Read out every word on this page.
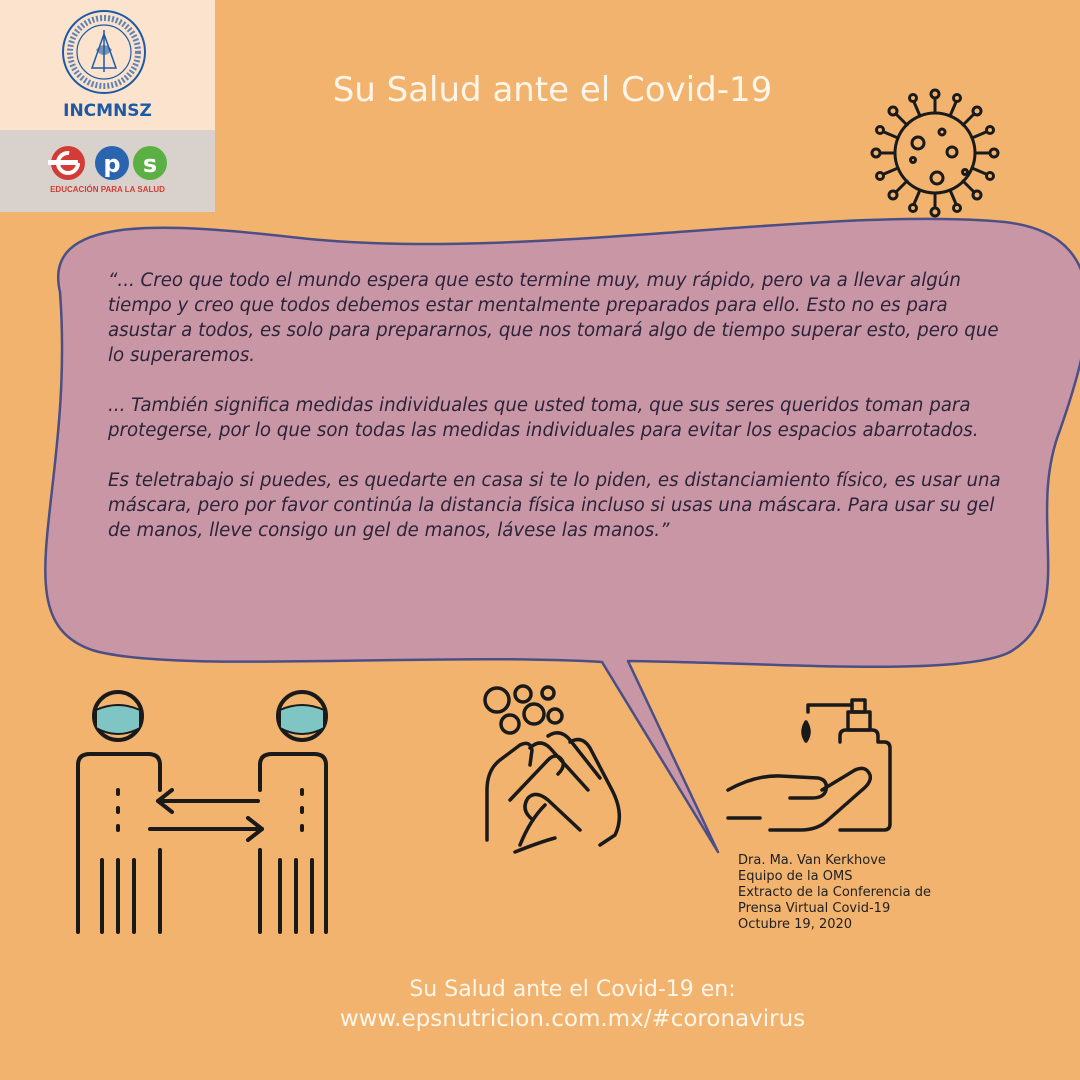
p s
INCMNSZ
EDUCACIÓN PARA LA SALUD
Su Salud ante el Covid-19

“... Creo que todo el mundo espera que esto termine muy, muy rápido, pero va a llevar algún tiempo y creo que todos debemos estar mentalmente preparados para ello. Esto no es para asustar a todos, es solo para prepararnos, que nos tomará algo de tiempo superar esto, pero que lo superaremos.

... También significa medidas individuales que usted toma, que sus seres queridos toman para protegerse, por lo que son todas las medidas individuales para evitar los espacios abarrotados.

Es teletrabajo si puedes, es quedarte en casa si te lo piden, es distanciamiento físico, es usar una máscara, pero por favor continúa la distancia física incluso si usas una máscara. Para usar su gel de manos, lleve consigo un gel de manos, lávese las manos.”

Dra. Ma. Van Kerkhove
Equipo de la OMS
Extracto de la Conferencia de
Prensa Virtual Covid-19
Octubre 19, 2020
Su Salud ante el Covid-19 en:
www.epsnutricion.com.mx/#coronavirus
